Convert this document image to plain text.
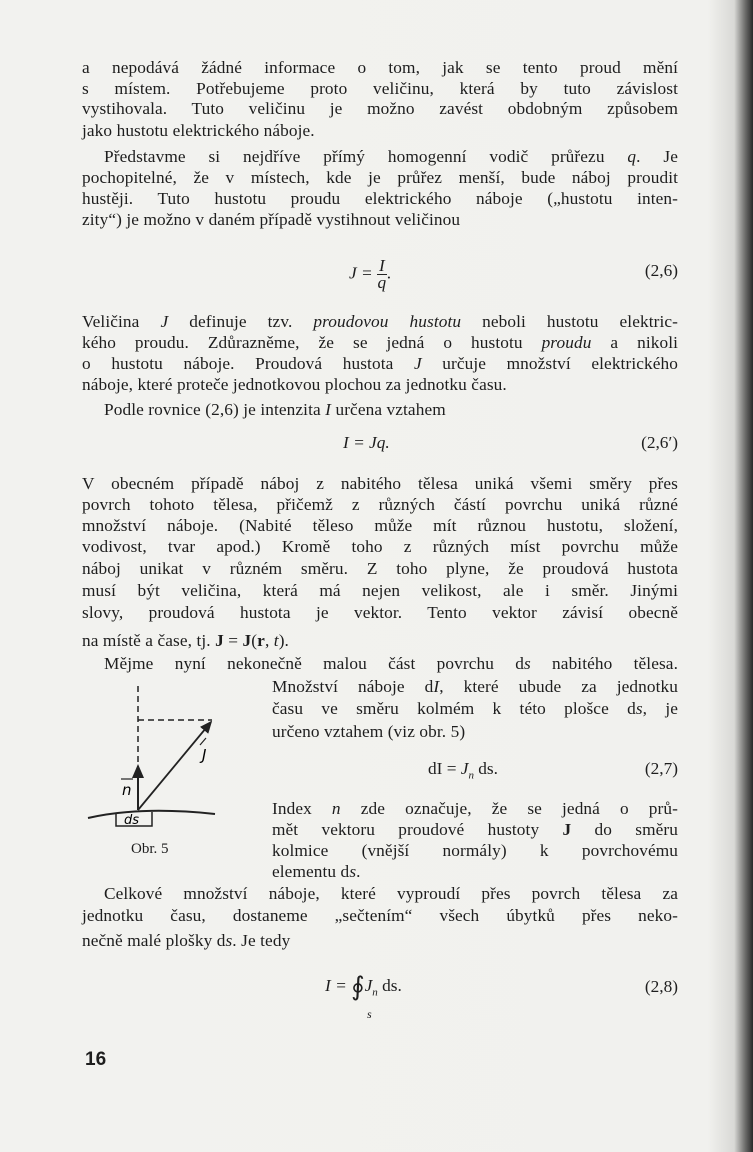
a nepodává žádné informace o tom, jak se tento proud mění
s místem. Potřebujeme proto veličinu, která by tuto závislost
vystihovala. Tuto veličinu je možno zavést obdobným způsobem
jako hustotu elektrického náboje.
Představme si nejdříve přímý homogenní vodič průřezu q. Je
pochopitelné, že v místech, kde je průřez menší, bude náboj proudit
hustěji. Tuto hustotu proudu elektrického náboje („hustotu inten-
zity“) je možno v daném případě vystihnout veličinou
Veličina J definuje tzv. proudovou hustotu neboli hustotu elektric-
kého proudu. Zdůrazněme, že se jedná o hustotu proudu a nikoli
o hustotu náboje. Proudová hustota J určuje množství elektrického
náboje, které proteče jednotkovou plochou za jednotku času.
Podle rovnice (2,6) je intenzita I určena vztahem
V obecném případě náboj z nabitého tělesa uniká všemi směry přes
povrch tohoto tělesa, přičemž z různých částí povrchu uniká různé
množství náboje. (Nabité těleso může mít různou hustotu, složení,
vodivost, tvar apod.) Kromě toho z různých míst povrchu může
náboj unikat v různém směru. Z toho plyne, že proudová hustota
musí být veličina, která má nejen velikost, ale i směr. Jinými
slovy, proudová hustota je vektor. Tento vektor závisí obecně
na místě a čase, tj. J = J(r, t).
Mějme nyní nekonečně malou část povrchu ds nabitého tělesa.
Množství náboje dI, které ubude za jednotku
času ve směru kolmém k této plošce ds, je
určeno vztahem (viz obr. 5)
Index n zde označuje, že se jedná o prů-
mět vektoru proudové hustoty J do směru
kolmice (vnější normály) k povrchovému
elementu ds.
Celkové množství náboje, které vyproudí přes povrch tělesa za
jednotku času, dostaneme „sečtením“ všech úbytků přes neko-
nečně malé plošky ds. Je tedy
$J = \frac{I}{q}$ .	(2,6)
I = Jq.	(2,6′)
dI = $J_n$ ds.	(2,7)
$I = ∮J_n$ ds.
s
(2,8)
J
n
ds
Obr. 5
16
